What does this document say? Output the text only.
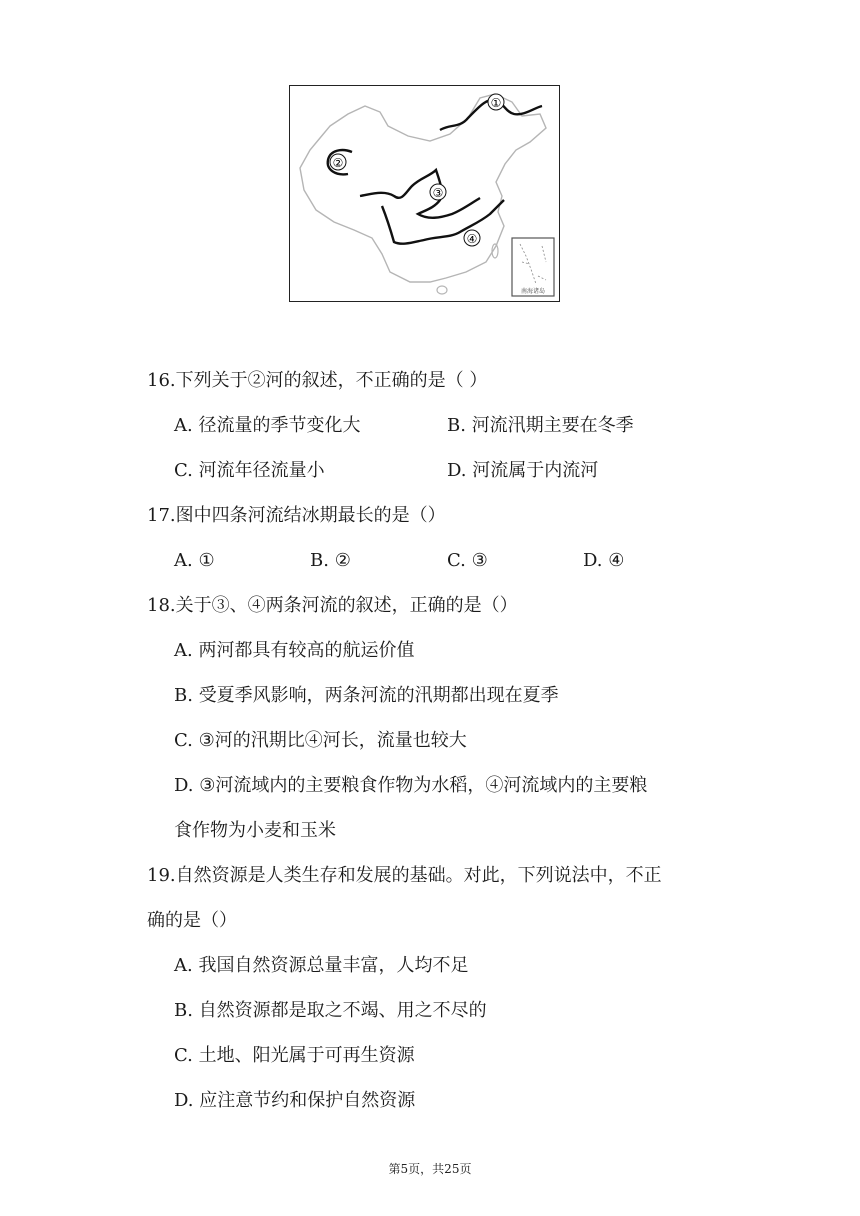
①
②
③
④
南海诸岛
16.下列关于②河的叙述，不正确的是（ ）
A. 径流量的季节变化大	B. 河流汛期主要在冬季
C. 河流年径流量小	D. 河流属于内流河
17.图中四条河流结冰期最长的是（）
A. ①	B. ②	C. ③	D. ④
18.关于③、④两条河流的叙述，正确的是（）
A. 两河都具有较高的航运价值
B. 受夏季风影响，两条河流的汛期都出现在夏季
C. ③河的汛期比④河长，流量也较大
D. ③河流域内的主要粮食作物为水稻，④河流域内的主要粮
食作物为小麦和玉米
19.自然资源是人类生存和发展的基础。对此，下列说法中，不正
确的是（）
A. 我国自然资源总量丰富，人均不足
B. 自然资源都是取之不竭、用之不尽的
C. 土地、阳光属于可再生资源
D. 应注意节约和保护自然资源
第5页，共25页
